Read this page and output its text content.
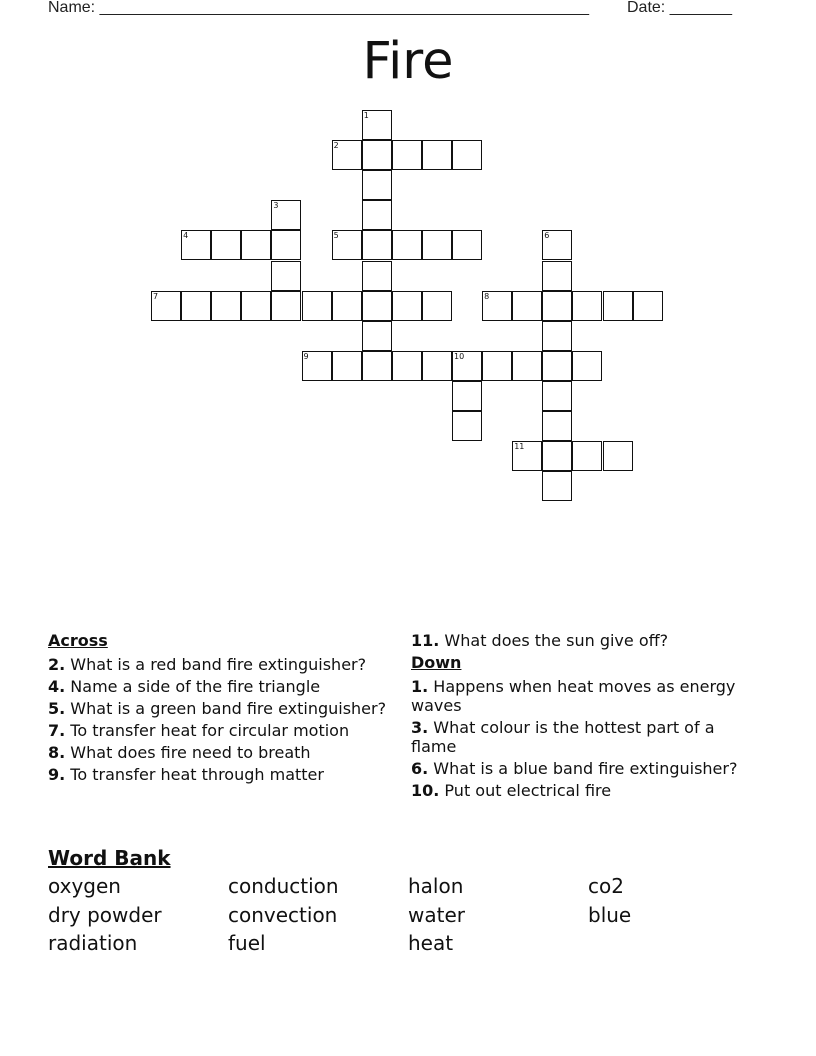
Name: _______________________________________________________ Date: _______
Fire
1
2
3
4	5	6
7	8
9	10
11
Across
2. What is a red band fire extinguisher?
4. Name a side of the fire triangle
5. What is a green band fire extinguisher?
7. To transfer heat for circular motion
8. What does fire need to breath
9. To transfer heat through matter
11. What does the sun give off?
Down
1. Happens when heat moves as energy waves
3. What colour is the hottest part of a flame
6. What is a blue band fire extinguisher?
10. Put out electrical fire
Word Bank
oxygen	conduction	halon	co2
dry powder	convection	water	blue
radiation	fuel	heat
